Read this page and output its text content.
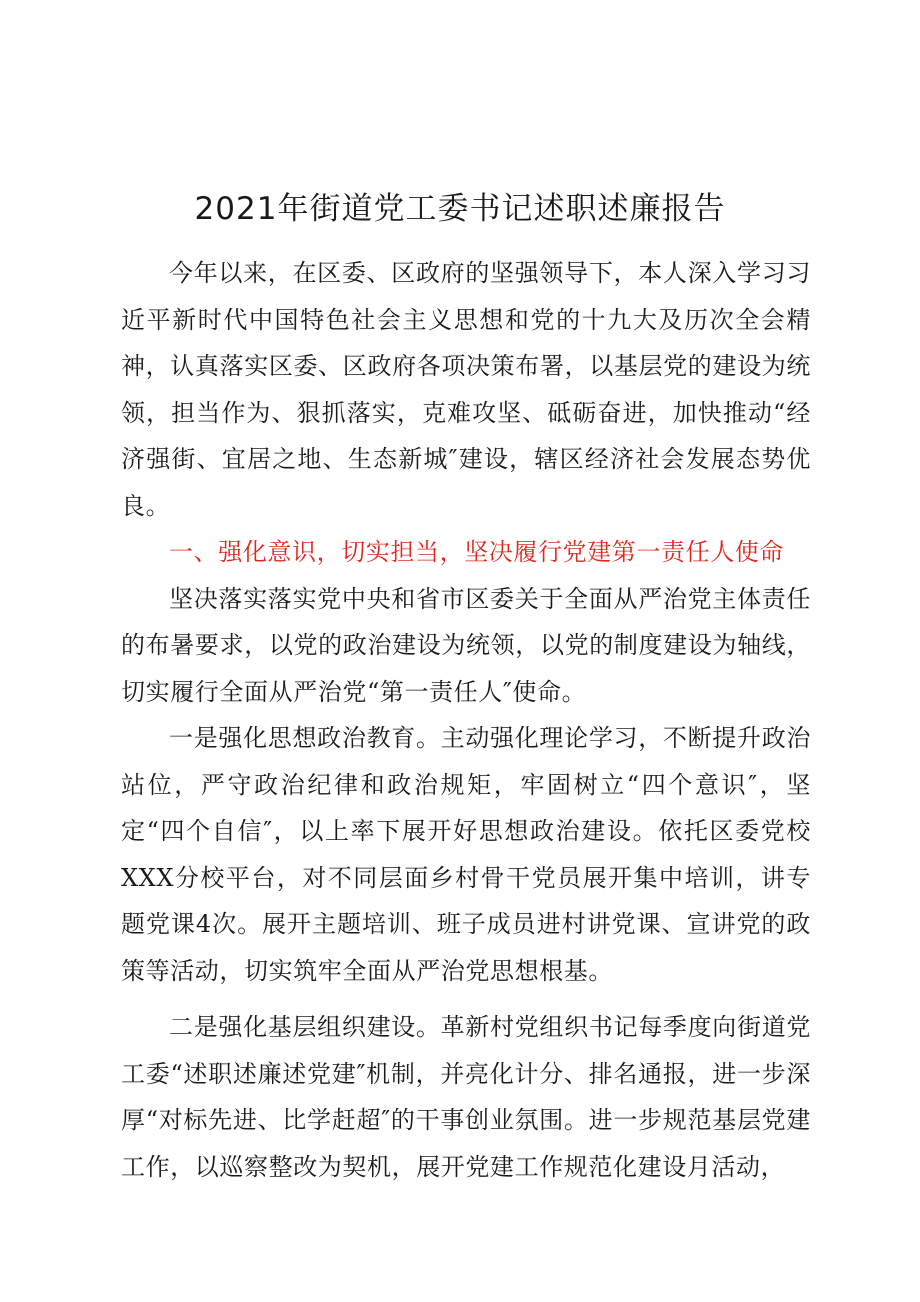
2021年街道党工委书记述职述廉报告

今年以来，在区委、区政府的坚强领导下，本人深入学习习近平新时代中国特色社会主义思想和党的十九大及历次全会精神，认真落实区委、区政府各项决策布署，以基层党的建设为统领，担当作为、狠抓落实，克难攻坚、砥砺奋进，加快推动“经济强街、宜居之地、生态新城″建设，辖区经济社会发展态势优良。

一、强化意识，切实担当，坚决履行党建第一责任人使命

坚决落实落实党中央和省市区委关于全面从严治党主体责任的布暑要求，以党的政治建设为统领，以党的制度建设为轴线，切实履行全面从严治党“第一责任人″使命。

一是强化思想政治教育。主动强化理论学习，不断提升政治站位，严守政治纪律和政治规矩，牢固树立“四个意识″，坚定“四个自信″，以上率下展开好思想政治建设。依托区委党校XXX分校平台，对不同层面乡村骨干党员展开集中培训，讲专题党课4次。展开主题培训、班子成员进村讲党课、宣讲党的政策等活动，切实筑牢全面从严治党思想根基。

二是强化基层组织建设。革新村党组织书记每季度向街道党工委“述职述廉述党建″机制，并亮化计分、排名通报，进一步深厚“对标先进、比学赶超″的干事创业氛围。进一步规范基层党建工作，以巡察整改为契机，展开党建工作规范化建设月活动，
